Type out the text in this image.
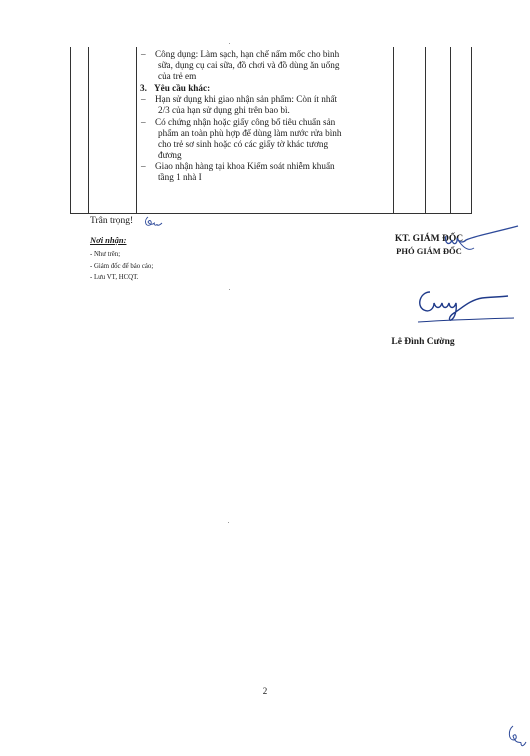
–	Công dụng: Làm sạch, hạn chế nấm mốc cho bình
sữa, dụng cụ cai sữa, đồ chơi và đồ dùng ăn uống
của trẻ em
3. Yêu cầu khác:
–	Hạn sử dụng khi giao nhận sản phẩm: Còn ít nhất
2/3 của hạn sử dụng ghi trên bao bì.
–	Có chứng nhận hoặc giấy công bố tiêu chuẩn sản
phẩm an toàn phù hợp để dùng làm nước rửa bình
cho trẻ sơ sinh hoặc có các giấy tờ khác tương
đương
–	Giao nhận hàng tại khoa Kiểm soát nhiễm khuẩn
tầng 1 nhà I
Trân trọng!
Nơi nhận:
- Như trên;
- Giám đốc để báo cáo;
- Lưu VT, HCQT.
KT. GIÁM ĐỐC
PHÓ GIÁM ĐỐC
Lê Đình Cường
2
